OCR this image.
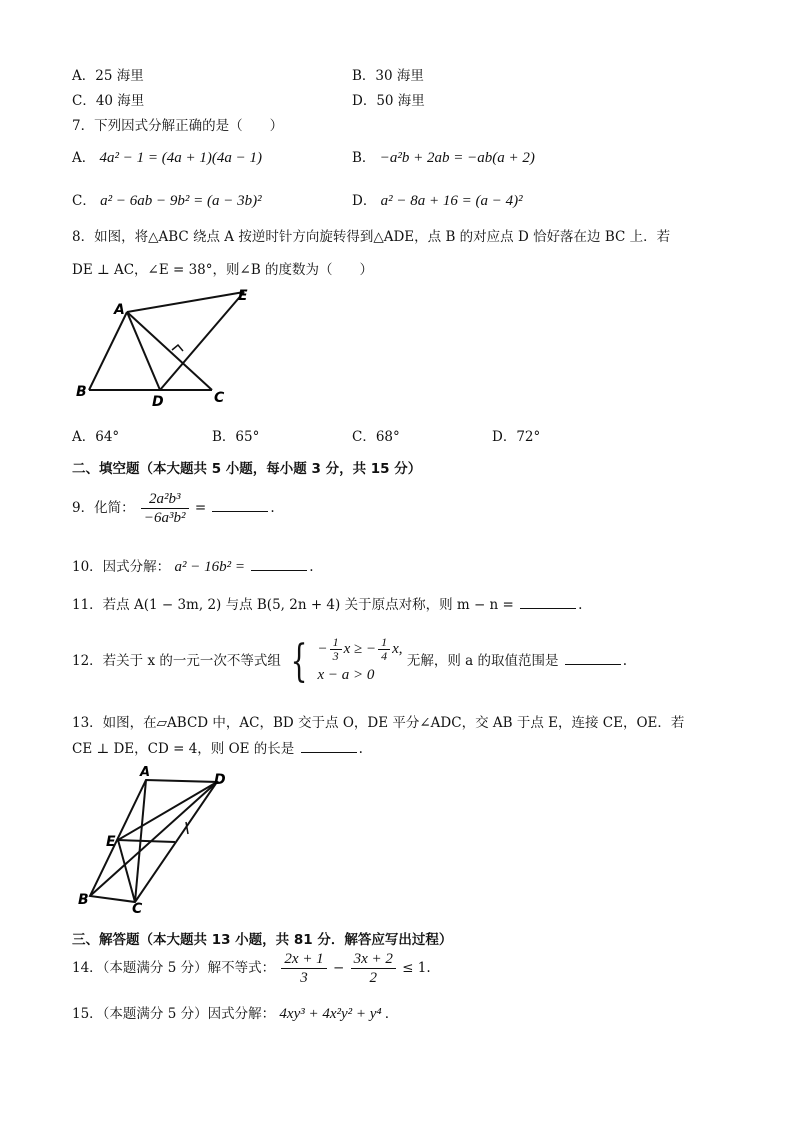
A．25 海里	B．30 海里
C．40 海里	D．50 海里
7．下列因式分解正确的是（　　）
A． 4a² − 1 = (4a + 1)(4a − 1)	B． −a²b + 2ab = −ab(a + 2)
C． a² − 6ab − 9b² = (a − 3b)²	D． a² − 8a + 16 = (a − 4)²
8．如图，将△ABC 绕点 A 按逆时针方向旋转得到△ADE，点 B 的对应点 D 恰好落在边 BC 上．若
DE ⊥ AC，∠E = 38°，则∠B 的度数为（　　）
A
E
B
D	C
A．64°	B．65°	C．68°	D．72°
二、填空题（本大题共 5 小题，每小题 3 分，共 15 分）
9．化简： $\frac{\text{2a²b³}}{\text{−6a³b²}}$ =	.
10．因式分解： a² − 16b² =	.
11．若点 A(1 − 3m, 2) 与点 B(5, 2n + 4) 关于原点对称，则 m − n =	.
12．若关于 x 的一元一次不等式组 { − $\frac{1}{3}$ x ≥ − $\frac{1}{4} x$,
x − a > 0
无解，则 a 的取值范围是	.
13．如图，在▱ABCD 中，AC，BD 交于点 O，DE 平分∠ADC，交 AB 于点 E，连接 CE，OE．若
CE ⊥ DE，CD = 4，则 OE 的长是	.
A	D
E
B
C
三、解答题（本大题共 13 小题，共 81 分．解答应写出过程）
14．（本题满分 5 分）解不等式： $\frac{2x + 1}{3} - \frac{3x + 2}{2} \le 1$.
15．（本题满分 5 分）因式分解： 4xy³ + 4x²y² + y⁴ .
